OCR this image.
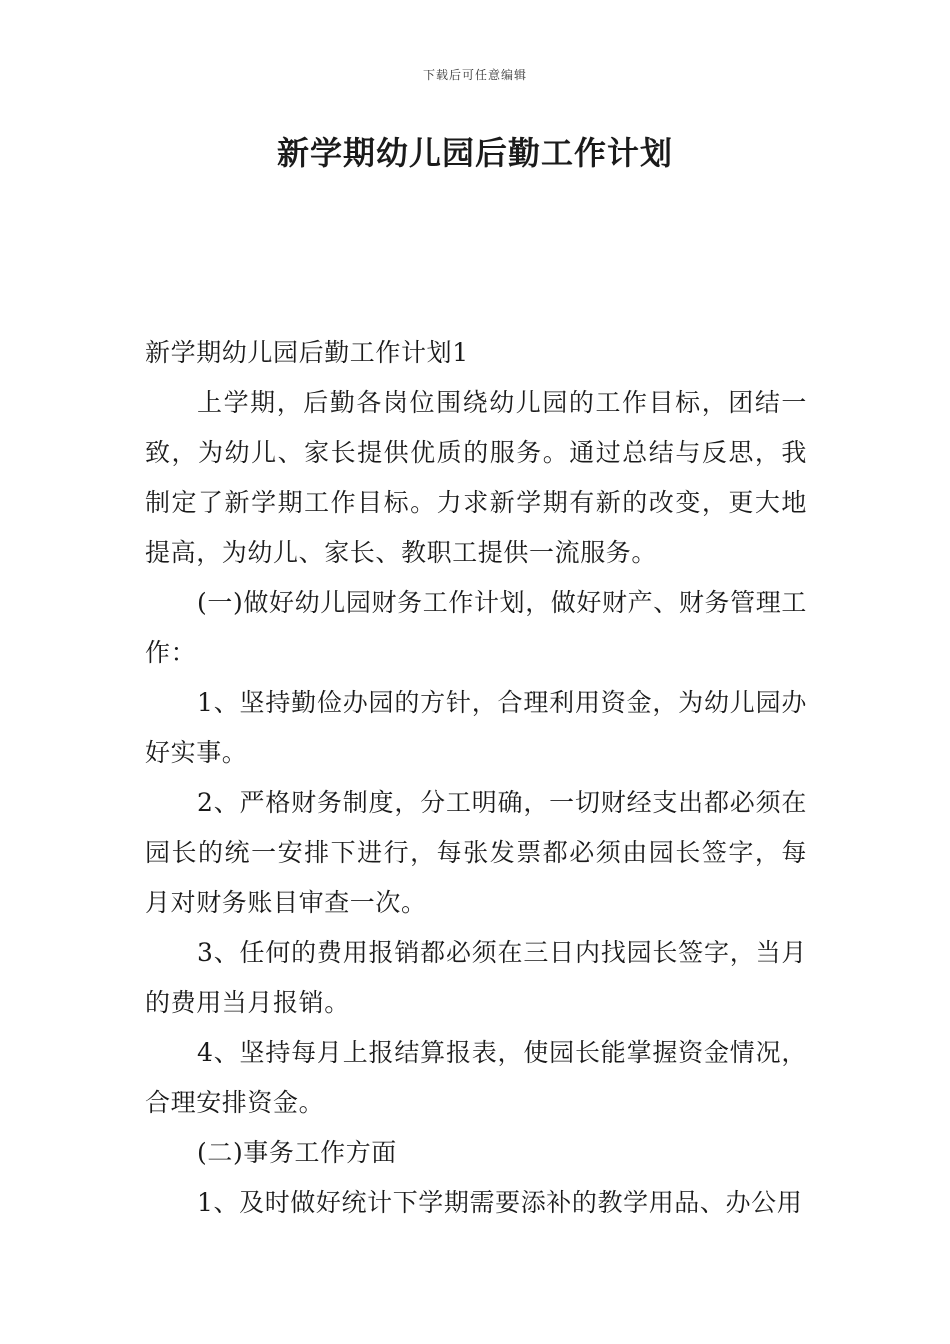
下载后可任意编辑
新学期幼儿园后勤工作计划

新学期幼儿园后勤工作计划1

上学期，后勤各岗位围绕幼儿园的工作目标，团结一致，为幼儿、家长提供优质的服务。通过总结与反思，我制定了新学期工作目标。力求新学期有新的改变，更大地提高，为幼儿、家长、教职工提供一流服务。

(一)做好幼儿园财务工作计划，做好财产、财务管理工作：

1、坚持勤俭办园的方针，合理利用资金，为幼儿园办好实事。

2、严格财务制度，分工明确，一切财经支出都必须在园长的统一安排下进行，每张发票都必须由园长签字，每月对财务账目审查一次。

3、任何的费用报销都必须在三日内找园长签字，当月的费用当月报销。

4、坚持每月上报结算报表，使园长能掌握资金情况，合理安排资金。

(二)事务工作方面

1、及时做好统计下学期需要添补的教学用品、办公用
